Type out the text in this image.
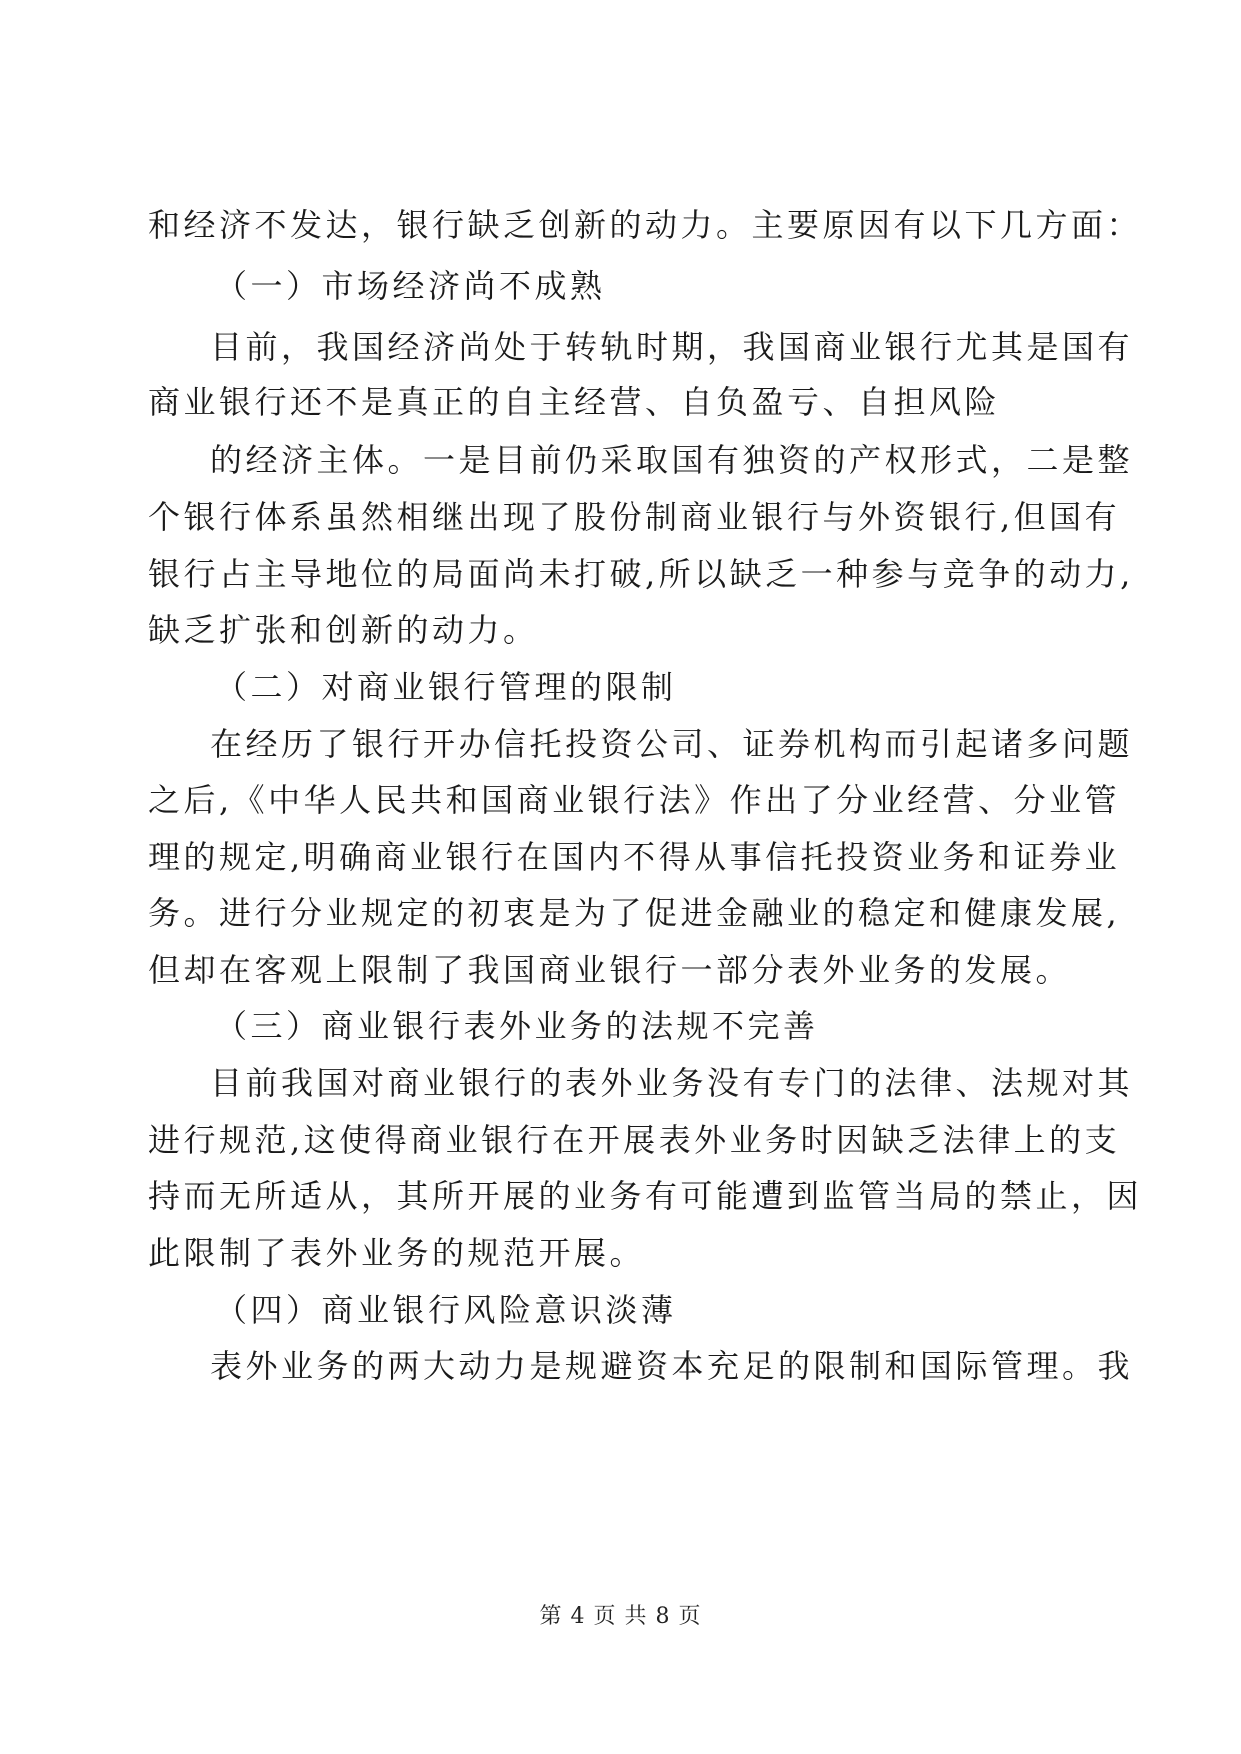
和经济不发达，银行缺乏创新的动力。主要原因有以下几方面：
（一）市场经济尚不成熟
目前，我国经济尚处于转轨时期，我国商业银行尤其是国有
商业银行还不是真正的自主经营、自负盈亏、自担风险
的经济主体。一是目前仍采取国有独资的产权形式，二是整
个银行体系虽然相继出现了股份制商业银行与外资银行,但国有
银行占主导地位的局面尚未打破,所以缺乏一种参与竞争的动力,
缺乏扩张和创新的动力。
（二）对商业银行管理的限制
在经历了银行开办信托投资公司、证券机构而引起诸多问题
之后,《中华人民共和国商业银行法》作出了分业经营、分业管
理的规定,明确商业银行在国内不得从事信托投资业务和证券业
务。进行分业规定的初衷是为了促进金融业的稳定和健康发展,
但却在客观上限制了我国商业银行一部分表外业务的发展。
（三）商业银行表外业务的法规不完善
目前我国对商业银行的表外业务没有专门的法律、法规对其
进行规范,这使得商业银行在开展表外业务时因缺乏法律上的支
持而无所适从，其所开展的业务有可能遭到监管当局的禁止，因
此限制了表外业务的规范开展。
（四）商业银行风险意识淡薄
表外业务的两大动力是规避资本充足的限制和国际管理。我
第 4 页 共 8 页
